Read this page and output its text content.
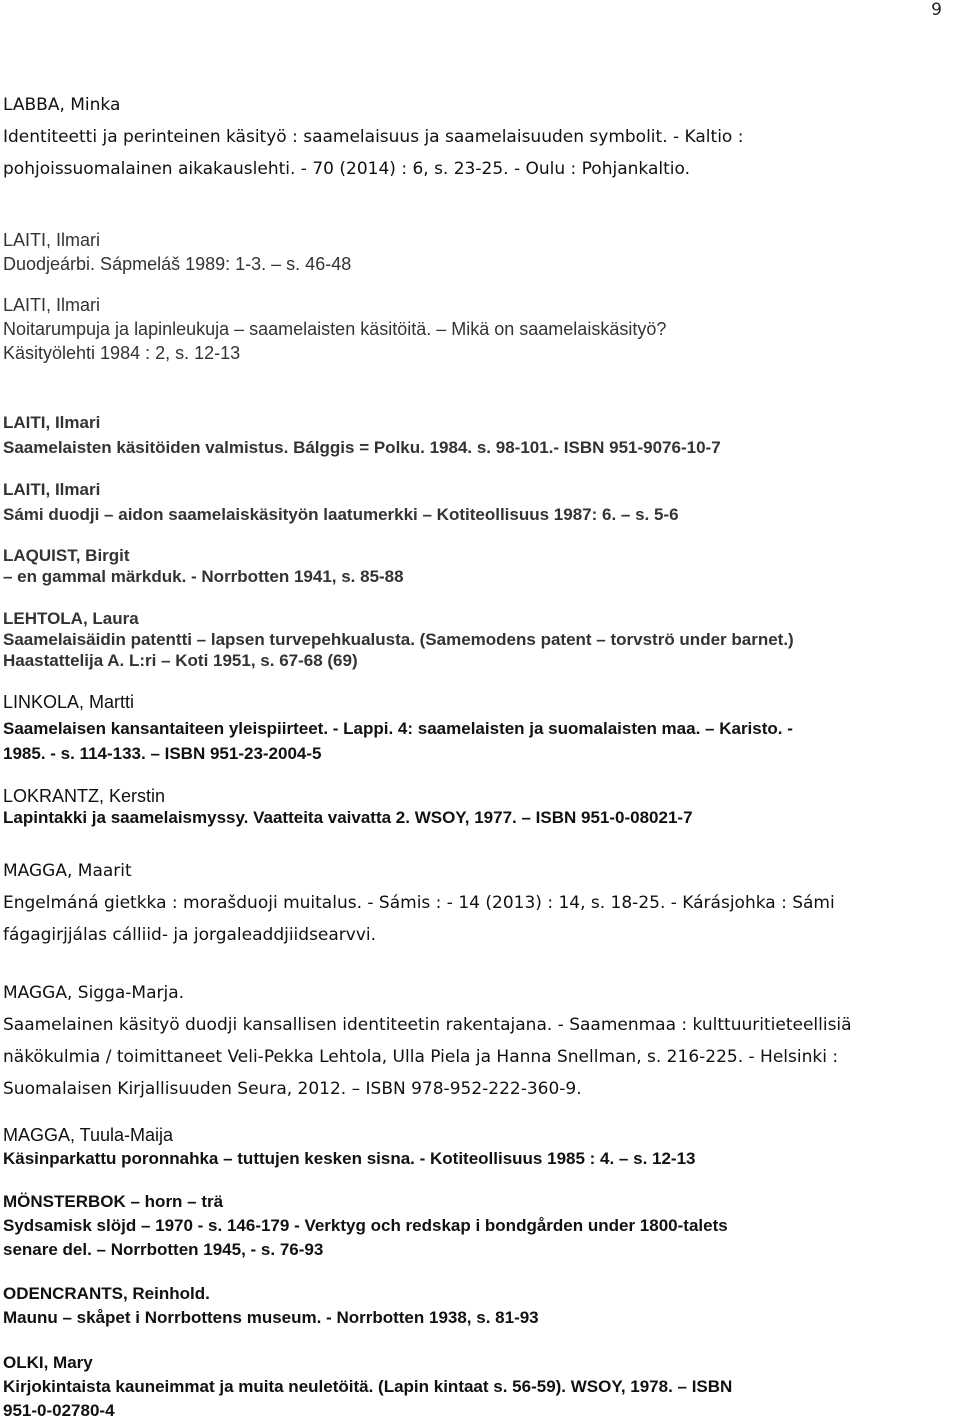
9
LABBA, Minka
Identiteetti ja perinteinen käsityö : saamelaisuus ja saamelaisuuden symbolit. - Kaltio :
pohjoissuomalainen aikakauslehti. - 70 (2014) : 6, s. 23-25. - Oulu : Pohjankaltio.
LAITI, Ilmari
Duodjeárbi. Sápmeláš 1989: 1-3. – s. 46-48
LAITI, Ilmari
Noitarumpuja ja lapinleukuja – saamelaisten käsitöitä. – Mikä on saamelaiskäsityö?
Käsityölehti 1984 : 2, s. 12-13
LAITI, Ilmari
Saamelaisten käsitöiden valmistus. Bálggis = Polku. 1984. s. 98-101.- ISBN 951-9076-10-7
LAITI, Ilmari
Sámi duodji – aidon saamelaiskäsityön laatumerkki – Kotiteollisuus 1987: 6. – s. 5-6
LAQUIST, Birgit
– en gammal märkduk. - Norrbotten 1941, s. 85-88
LEHTOLA, Laura
Saamelaisäidin patentti – lapsen turvepehkualusta. (Samemodens patent – torvströ under barnet.)
Haastattelija A. L:ri – Koti 1951, s. 67-68 (69)
LINKOLA, Martti
Saamelaisen kansantaiteen yleispiirteet. - Lappi. 4: saamelaisten ja suomalaisten maa. – Karisto. -
1985. - s. 114-133. – ISBN 951-23-2004-5
LOKRANTZ, Kerstin
Lapintakki ja saamelaismyssy. Vaatteita vaivatta 2. WSOY, 1977. – ISBN 951-0-08021-7
MAGGA, Maarit
Engelmáná gietkka : morašduoji muitalus. - Sámis : - 14 (2013) : 14, s. 18-25. - Kárásjohka : Sámi
fágagirjjálas cálliid- ja jorgaleaddjiidsearvvi.
MAGGA, Sigga-Marja.
Saamelainen käsityö duodji kansallisen identiteetin rakentajana. - Saamenmaa : kulttuuritieteellisiä
näkökulmia / toimittaneet Veli-Pekka Lehtola, Ulla Piela ja Hanna Snellman, s. 216-225. - Helsinki :
Suomalaisen Kirjallisuuden Seura, 2012. – ISBN 978-952-222-360-9.
MAGGA, Tuula-Maija
Käsinparkattu poronnahka – tuttujen kesken sisna. - Kotiteollisuus 1985 : 4. – s. 12-13
MÖNSTERBOK – horn – trä
Sydsamisk slöjd – 1970 - s. 146-179 - Verktyg och redskap i bondgården under 1800-talets
senare del. – Norrbotten 1945, - s. 76-93
ODENCRANTS, Reinhold.
Maunu – skåpet i Norrbottens museum. - Norrbotten 1938, s. 81-93
OLKI, Mary
Kirjokintaista kauneimmat ja muita neuletöitä. (Lapin kintaat s. 56-59). WSOY, 1978. – ISBN
951-0-02780-4
